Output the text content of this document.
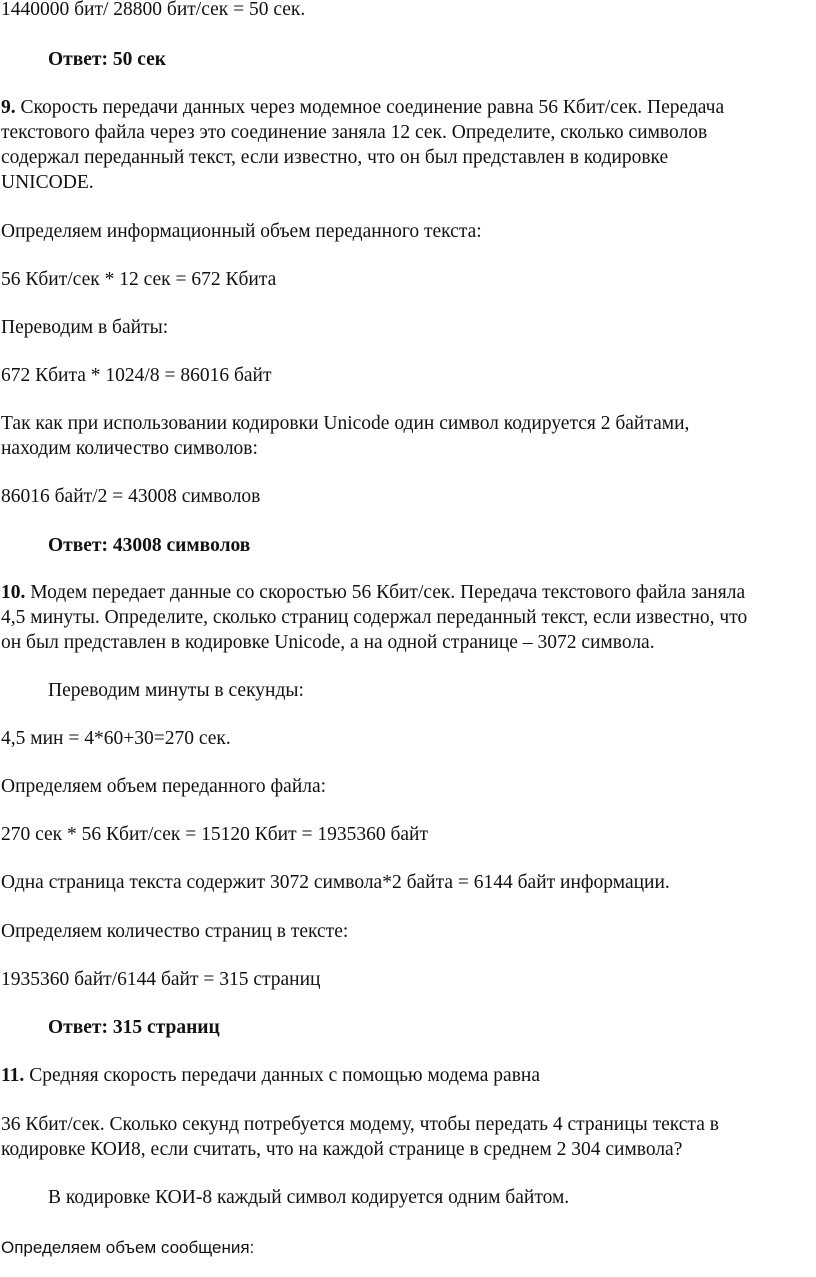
1440000 бит/ 28800 бит/сек = 50 сек.
Ответ: 50 сек
9. Скорость передачи данных через модемное соединение равна 56 Кбит/сек. Передача
текстового файла через это соединение заняла 12 сек. Определите, сколько символов
содержал переданный текст, если известно, что он был представлен в кодировке
UNICODE.
Определяем информационный объем переданного текста:
56 Кбит/сек * 12 сек = 672 Кбита
Переводим в байты:
672 Кбита * 1024/8 = 86016 байт
Так как при использовании кодировки Unicode один символ кодируется 2 байтами,
находим количество символов:
86016 байт/2 = 43008 символов
Ответ: 43008 символов
10. Модем передает данные со скоростью 56 Кбит/сек. Передача текстового файла заняла
4,5 минуты. Определите, сколько страниц содержал переданный текст, если известно, что
он был представлен в кодировке Unicode, а на одной странице – 3072 символа.
Переводим минуты в секунды:
4,5 мин = 4*60+30=270 сек.
Определяем объем переданного файла:
270 сек * 56 Кбит/сек = 15120 Кбит = 1935360 байт
Одна страница текста содержит 3072 символа*2 байта = 6144 байт информации.
Определяем количество страниц в тексте:
1935360 байт/6144 байт = 315 страниц
Ответ: 315 страниц
11. Средняя скорость передачи данных с помощью модема равна
36 Кбит/сек. Сколько секунд потребуется модему, чтобы передать 4 страницы текста в
кодировке КОИ8, если считать, что на каждой странице в среднем 2 304 символа?
В кодировке КОИ-8 каждый символ кодируется одним байтом.
Определяем объем сообщения:
